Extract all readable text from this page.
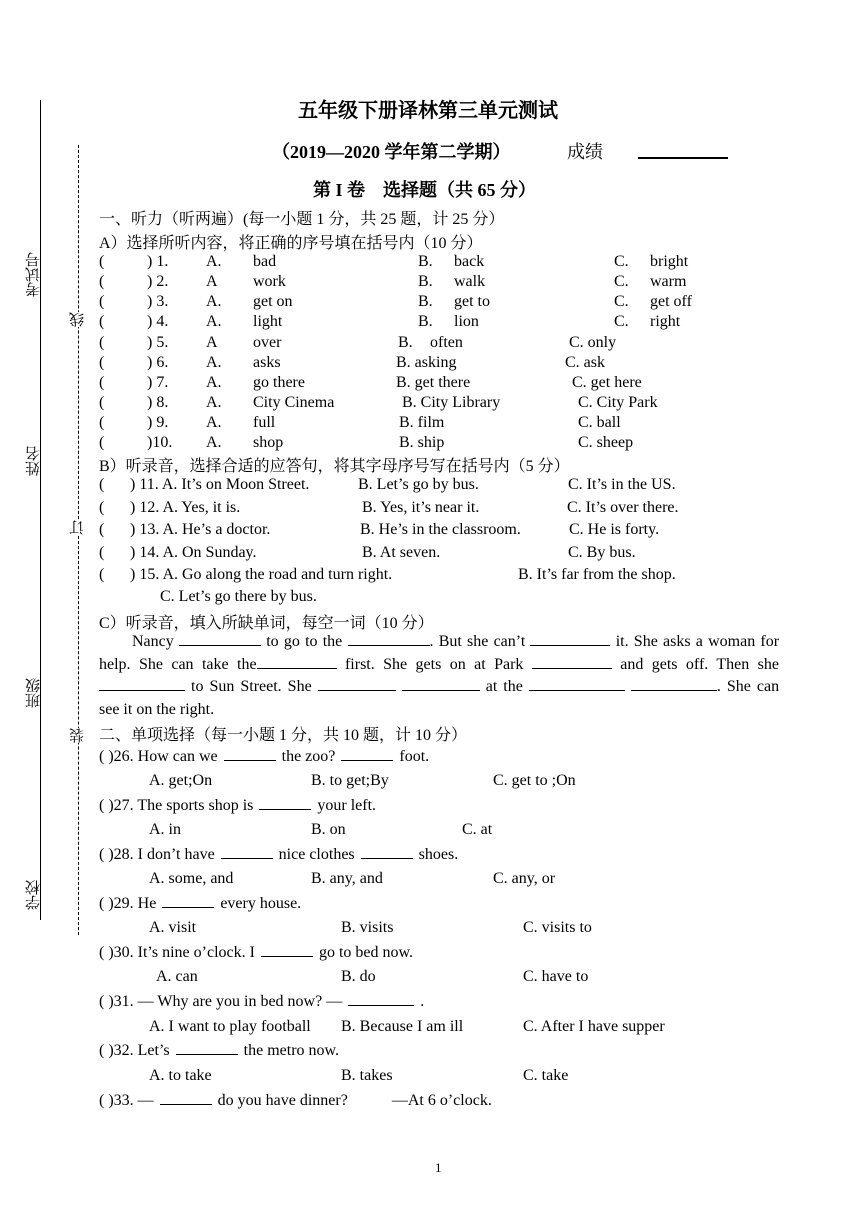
考试号
姓名
班级
学校
线
订
装
五年级下册译林第三单元测试
（2019—2020 学年第二学期）	成绩
第 I 卷　选择题（共 65 分）
一、听力（听两遍）(每一小题 1 分，共 25 题，计 25 分）
A）选择所听内容，将正确的序号填在括号内（10 分）
(	) 1. A. bad	B. back	C. bright
(	) 2. A work	B. walk	C. warm
(	) 3. A. get on	B. get to	C. get off
(	) 4. A. light	B. lion	C. right
(	) 5. A over	B. often	C. only
(	) 6. A. asks	B. asking	C. ask
(	) 7. A. go there	B. get there	C. get here
(	) 8. A. City Cinema	B. City Library	C. City Park
(	) 9. A. full	B. film	C. ball
(	)10. A. shop	B. ship	C. sheep
B）听录音，选择合适的应答句，将其字母序号写在括号内（5 分）
( ) 11. A. It’s on Moon Street.	B. Let’s go by bus.	C. It’s in the US.
( ) 12. A. Yes, it is.	B. Yes, it’s near it.	C. It’s over there.
( ) 13. A. He’s a doctor.	B. He’s in the classroom.	C. He is forty.
( ) 14. A. On Sunday.	B. At seven.	C. By bus.
( ) 15. A. Go along the road and turn right.	B. It’s far from the shop.
C. Let’s go there by bus.
C）听录音，填入所缺单词，每空一词（10 分）
Nancy	to go to the	. But she can’t	it. She asks a woman for help. She can take the	first. She gets on at Park	and gets off. Then she  to Sun Street. She	at the	. She can see it on the right.
二、单项选择（每一小题 1 分，共 10 题，计 10 分）
( )26. How can we	the zoo?	foot.
A. get;On	B. to get;By	C. get to ;On
( )27. The sports shop is	your left.
A. in	B. on	C. at
( )28. I don’t have	nice clothes	shoes.
A. some, and	B. any, and	C. any, or
( )29. He	every house.
A. visit	B. visits	C. visits to
( )30. It’s nine o’clock. I	go to bed now.
A. can	B. do	C. have to
( )31. — Why are you in bed now? —	.
A. I want to play football B. Because I am ill	C. After I have supper
( )32. Let’s	the metro now.
A. to take	B. takes	C. take
( )33. —	do you have dinner?	—At 6 o’clock.
1
